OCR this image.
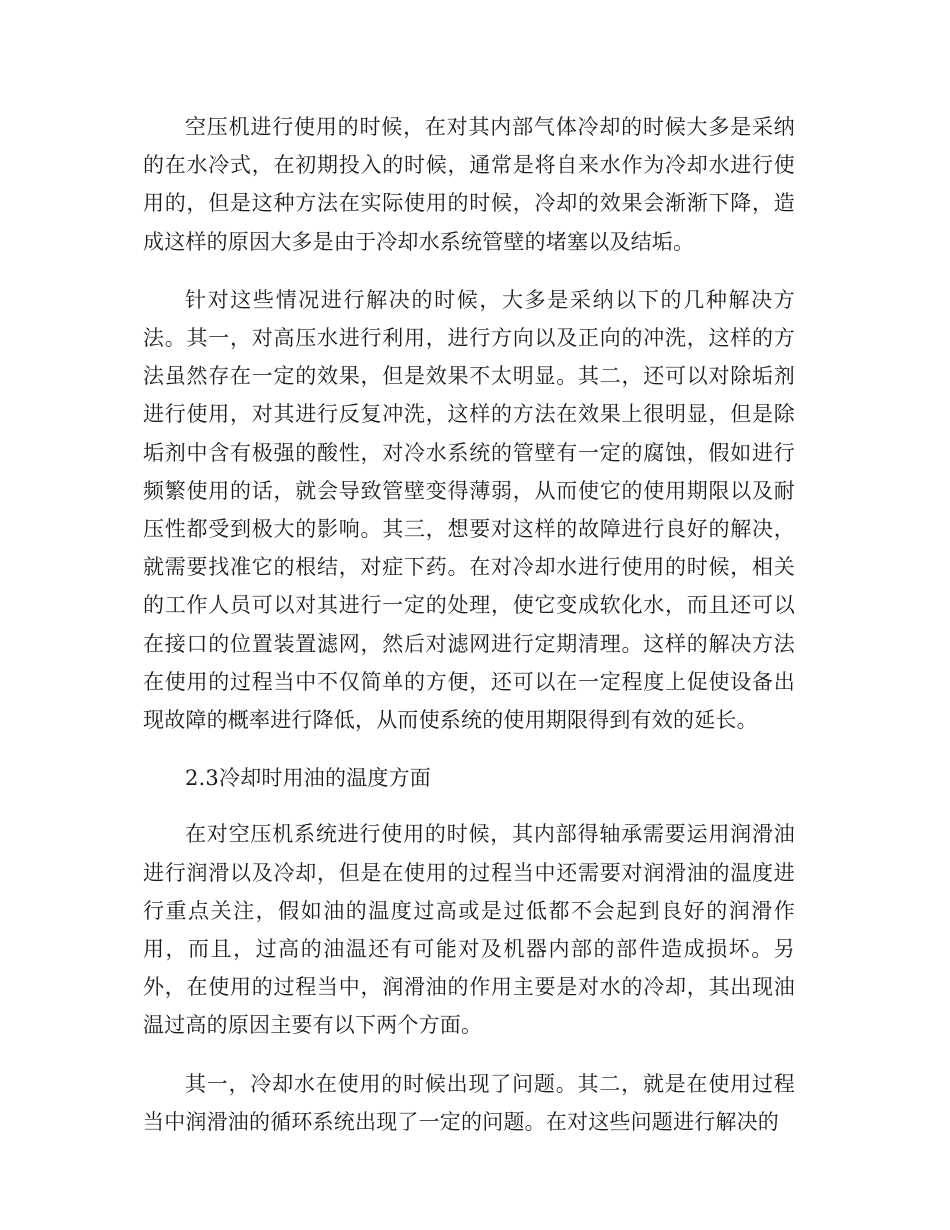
空压机进行使用的时候，在对其内部气体冷却的时候大多是采纳的在水冷式，在初期投入的时候，通常是将自来水作为冷却水进行使用的，但是这种方法在实际使用的时候，冷却的效果会渐渐下降，造成这样的原因大多是由于冷却水系统管壁的堵塞以及结垢。

针对这些情况进行解决的时候，大多是采纳以下的几种解决方法。其一，对高压水进行利用，进行方向以及正向的冲洗，这样的方法虽然存在一定的效果，但是效果不太明显。其二，还可以对除垢剂进行使用，对其进行反复冲洗，这样的方法在效果上很明显，但是除垢剂中含有极强的酸性，对冷水系统的管壁有一定的腐蚀，假如进行频繁使用的话，就会导致管壁变得薄弱，从而使它的使用期限以及耐压性都受到极大的影响。其三，想要对这样的故障进行良好的解决，就需要找准它的根结，对症下药。在对冷却水进行使用的时候，相关的工作人员可以对其进行一定的处理，使它变成软化水，而且还可以在接口的位置装置滤网，然后对滤网进行定期清理。这样的解决方法在使用的过程当中不仅简单的方便，还可以在一定程度上促使设备出现故障的概率进行降低，从而使系统的使用期限得到有效的延长。

2.3冷却时用油的温度方面

在对空压机系统进行使用的时候，其内部得轴承需要运用润滑油进行润滑以及冷却，但是在使用的过程当中还需要对润滑油的温度进行重点关注，假如油的温度过高或是过低都不会起到良好的润滑作用，而且，过高的油温还有可能对及机器内部的部件造成损坏。另外，在使用的过程当中，润滑油的作用主要是对水的冷却，其出现油温过高的原因主要有以下两个方面。

其一，冷却水在使用的时候出现了问题。其二，就是在使用过程当中润滑油的循环系统出现了一定的问题。在对这些问题进行解决的
